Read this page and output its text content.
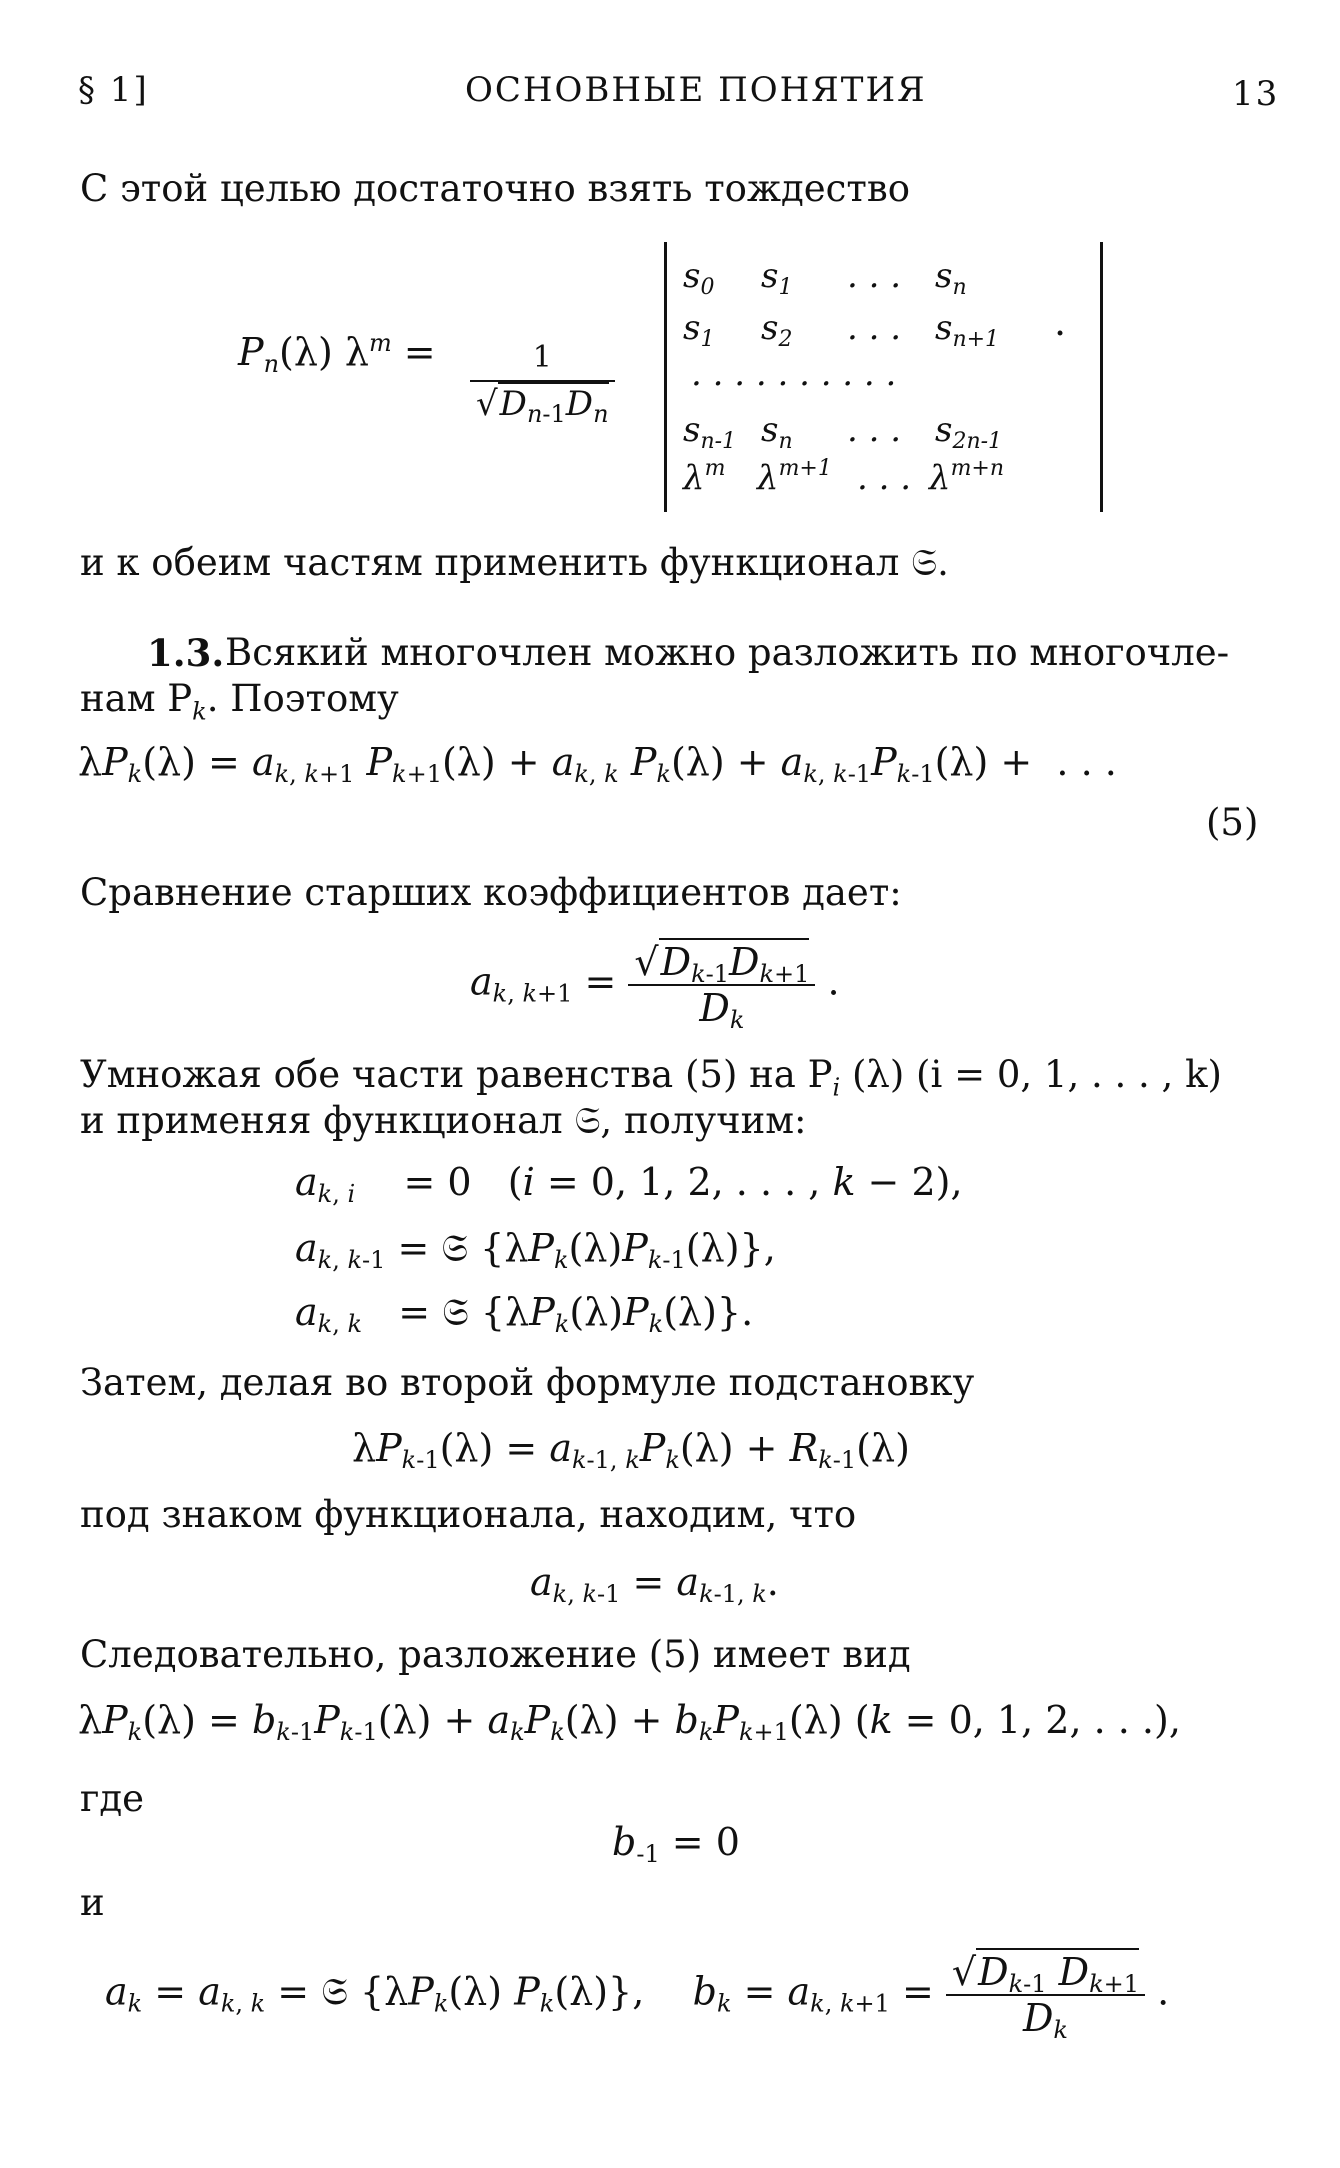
§ 1]	ОСНОВНЫЕ ПОНЯТИЯ	13
С этой целью достаточно взять тождество
$P_n(\lambda) \lambda^m = \frac{1}{√D_{n-1}D_n}$
$s_0$ $s_1$ . . . $s_n$
$s_1$ $s_2$ . . . $s_{n+1}$
. . . . . . . . . .
$s_{n-1}$ $s_n$ . . . $s_{2n-1}$
$\lambda^m$ $\lambda^{m+1}$ . . . $\lambda^{m+n}$
.
и к обеим частям применить функционал 𝔖.
1.3. Всякий многочлен можно разложить по многочле-
нам $P_k$. Поэтому
$\lambda P_k(\lambda) = a_{k, k+1}$ $P_{k+1}(\lambda) + a_{k, k}$ $P_k(\lambda) + a_{k, k-1}P_{k-1}(\lambda)$ +  . . .
(5)
Сравнение старших коэффициентов дает:
$a_{k, k+1} = \frac{√D_{k-1}D_{k+1}}{D_k}$ .
Умножая обе части равенства (5) на $P_i$ (λ) (i = 0, 1, . . . , k)
и применяя функционал 𝔖, получим:
$a_{k, i}$    = 0   (i = 0, 1, 2, . . . , k − 2),
$a_{k, k-1}$ = 𝔖 $\{\lambda P_k(\lambda)P_{k-1}(\lambda)\}$,
$a_{k, k}$   = 𝔖 $\{\lambda P_k(\lambda)P_k(\lambda)\}$.
Затем, делая во второй формуле подстановку
$\lambda P_{k-1}(\lambda) = a_{k-1, k}P_k(\lambda) + R_{k-1}(\lambda)$
под знаком функционала, находим, что
$a_{k, k-1} = a_{k-1, k}$.
Следовательно, разложение (5) имеет вид
$\lambda P_k(\lambda) = b_{k-1}P_{k-1}(\lambda) + a_kP_k(\lambda) + b_kP_{k+1}(\lambda) (k = 0$, 1, 2, . . .),
где
$b_{-1} = 0$
и
$a_k = a_{k, k}$ = 𝔖 {$\lambda P_k(\lambda)$ $P_k(\lambda)$},    $b_k = a_{k, k+1} = \frac{√D_{k-1} D_{k+1}}{D_k}$ .
